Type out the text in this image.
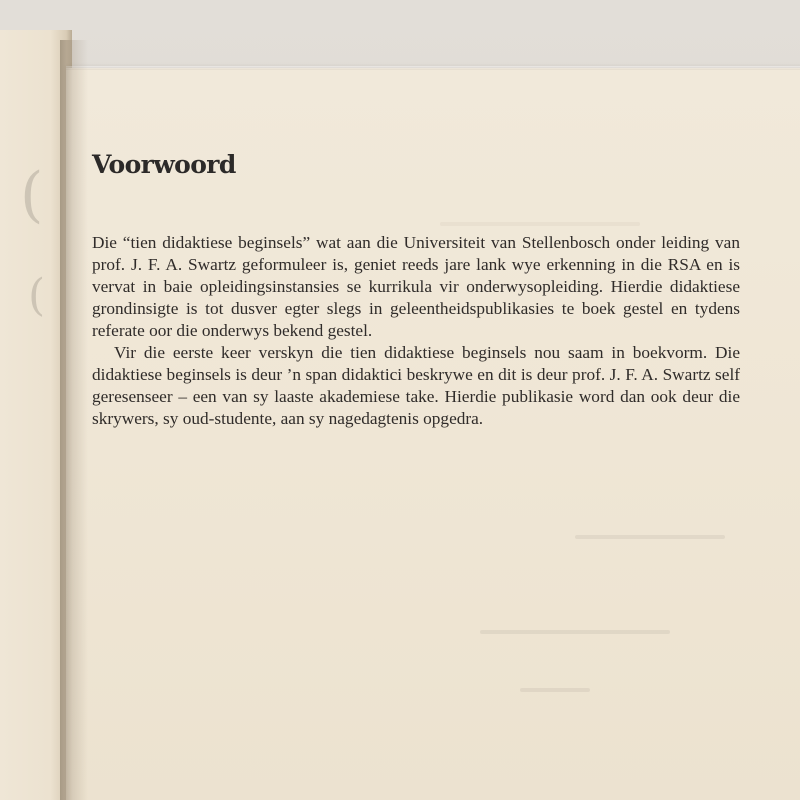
(
(
Voorwoord

Die “tien didaktiese beginsels” wat aan die Universiteit van Stellenbosch onder leiding van prof. J. F. A. Swartz geformuleer is, geniet reeds jare lank wye erkenning in die RSA en is vervat in baie opleidingsinstansies se kurrikula vir onderwysopleiding. Hierdie didaktiese grondinsigte is tot dusver egter slegs in geleentheidspublikasies te boek gestel en tydens referate oor die onderwys bekend gestel.

Vir die eerste keer verskyn die tien didaktiese beginsels nou saam in boekvorm. Die didaktiese beginsels is deur ’n span didaktici beskrywe en dit is deur prof. J. F. A. Swartz self geresenseer – een van sy laaste akademiese take. Hierdie publikasie word dan ook deur die skrywers, sy oud-studente, aan sy nagedagtenis opgedra.
